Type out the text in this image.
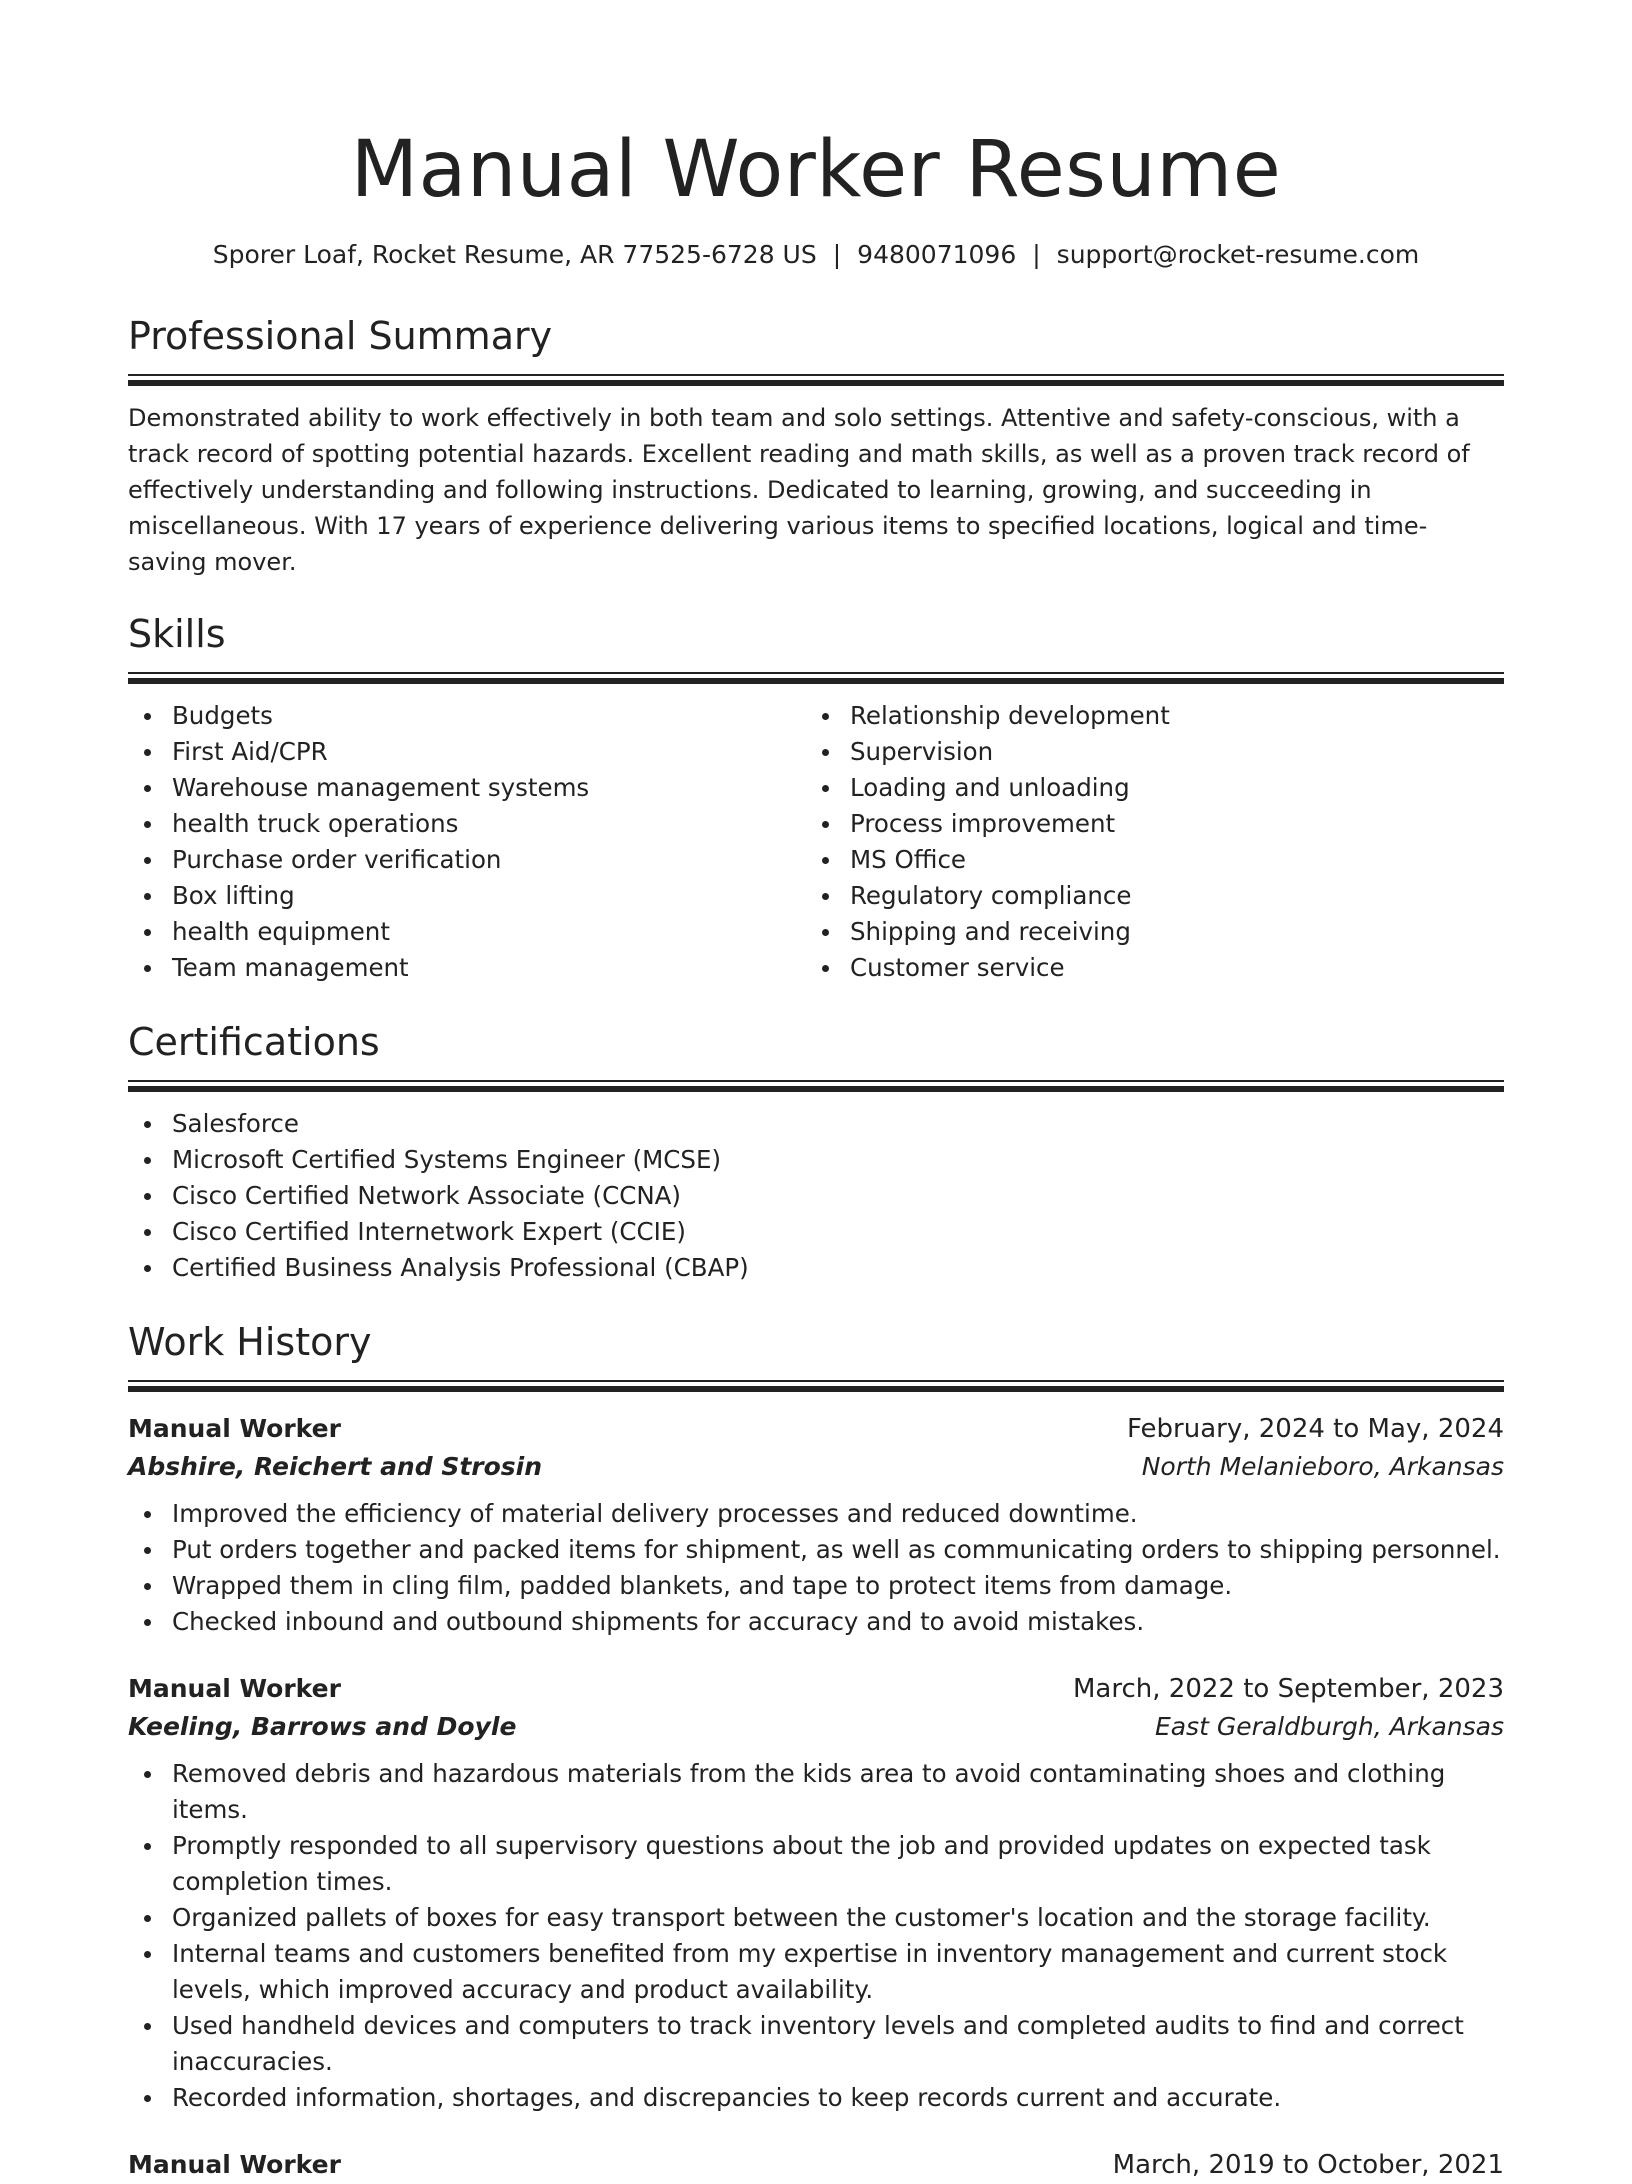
Manual Worker Resume
Sporer Loaf, Rocket Resume, AR 77525-6728 US | 9480071096 | support@rocket-resume.com
Professional Summary
Demonstrated ability to work effectively in both team and solo settings. Attentive and safety-conscious, with a track record of spotting potential hazards. Excellent reading and math skills, as well as a proven track record of effectively understanding and following instructions. Dedicated to learning, growing, and succeeding in miscellaneous. With 17 years of experience delivering various items to specified locations, logical and time-saving mover.
Skills
Budgets
First Aid/CPR
Warehouse management systems
health truck operations
Purchase order verification
Box lifting
health equipment
Team management
Relationship development
Supervision
Loading and unloading
Process improvement
MS Office
Regulatory compliance
Shipping and receiving
Customer service
Certifications
Salesforce
Microsoft Certified Systems Engineer (MCSE)
Cisco Certified Network Associate (CCNA)
Cisco Certified Internetwork Expert (CCIE)
Certified Business Analysis Professional (CBAP)
Work History
Manual Worker	February, 2024 to May, 2024
Abshire, Reichert and Strosin	North Melanieboro, Arkansas
Improved the efficiency of material delivery processes and reduced downtime.
Put orders together and packed items for shipment, as well as communicating orders to shipping personnel.
Wrapped them in cling film, padded blankets, and tape to protect items from damage.
Checked inbound and outbound shipments for accuracy and to avoid mistakes.
Manual Worker	March, 2022 to September, 2023
Keeling, Barrows and Doyle	East Geraldburgh, Arkansas
Removed debris and hazardous materials from the kids area to avoid contaminating shoes and clothing items.
Promptly responded to all supervisory questions about the job and provided updates on expected task completion times.
Organized pallets of boxes for easy transport between the customer's location and the storage facility.
Internal teams and customers benefited from my expertise in inventory management and current stock levels, which improved accuracy and product availability.
Used handheld devices and computers to track inventory levels and completed audits to find and correct inaccuracies.
Recorded information, shortages, and discrepancies to keep records current and accurate.
Manual Worker	March, 2019 to October, 2021
